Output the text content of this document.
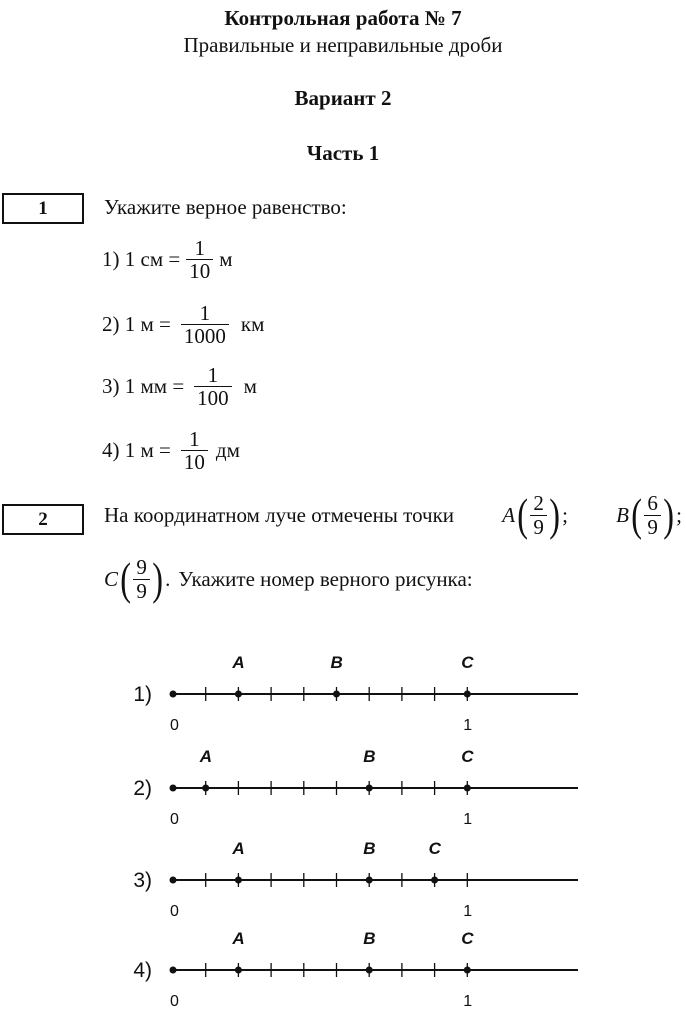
Контрольная работа № 7
Правильные и неправильные дроби
Вариант 2
Часть 1
1	Укажите верное равенство:
1) 1 см = $\frac{1}{10}$ м
2) 1 $м = \frac{1}{1000}$ км
3) 1 мм = $\frac{1}{100}$ м
4) 1 $м = \frac{1}{10}$ дм
2	На координатном луче отмечены точки A ( $\frac{2}{9}$ ) ; B ( $\frac{6}{9}$ ) ;
C ( $\frac{9}{9}$ ) . Укажите номер верного рисунка:
1)
0	1
A	B	C
2)
0	1
A	B	C
3)
0	1
A	B	C
4)
0	1
A	B	C
